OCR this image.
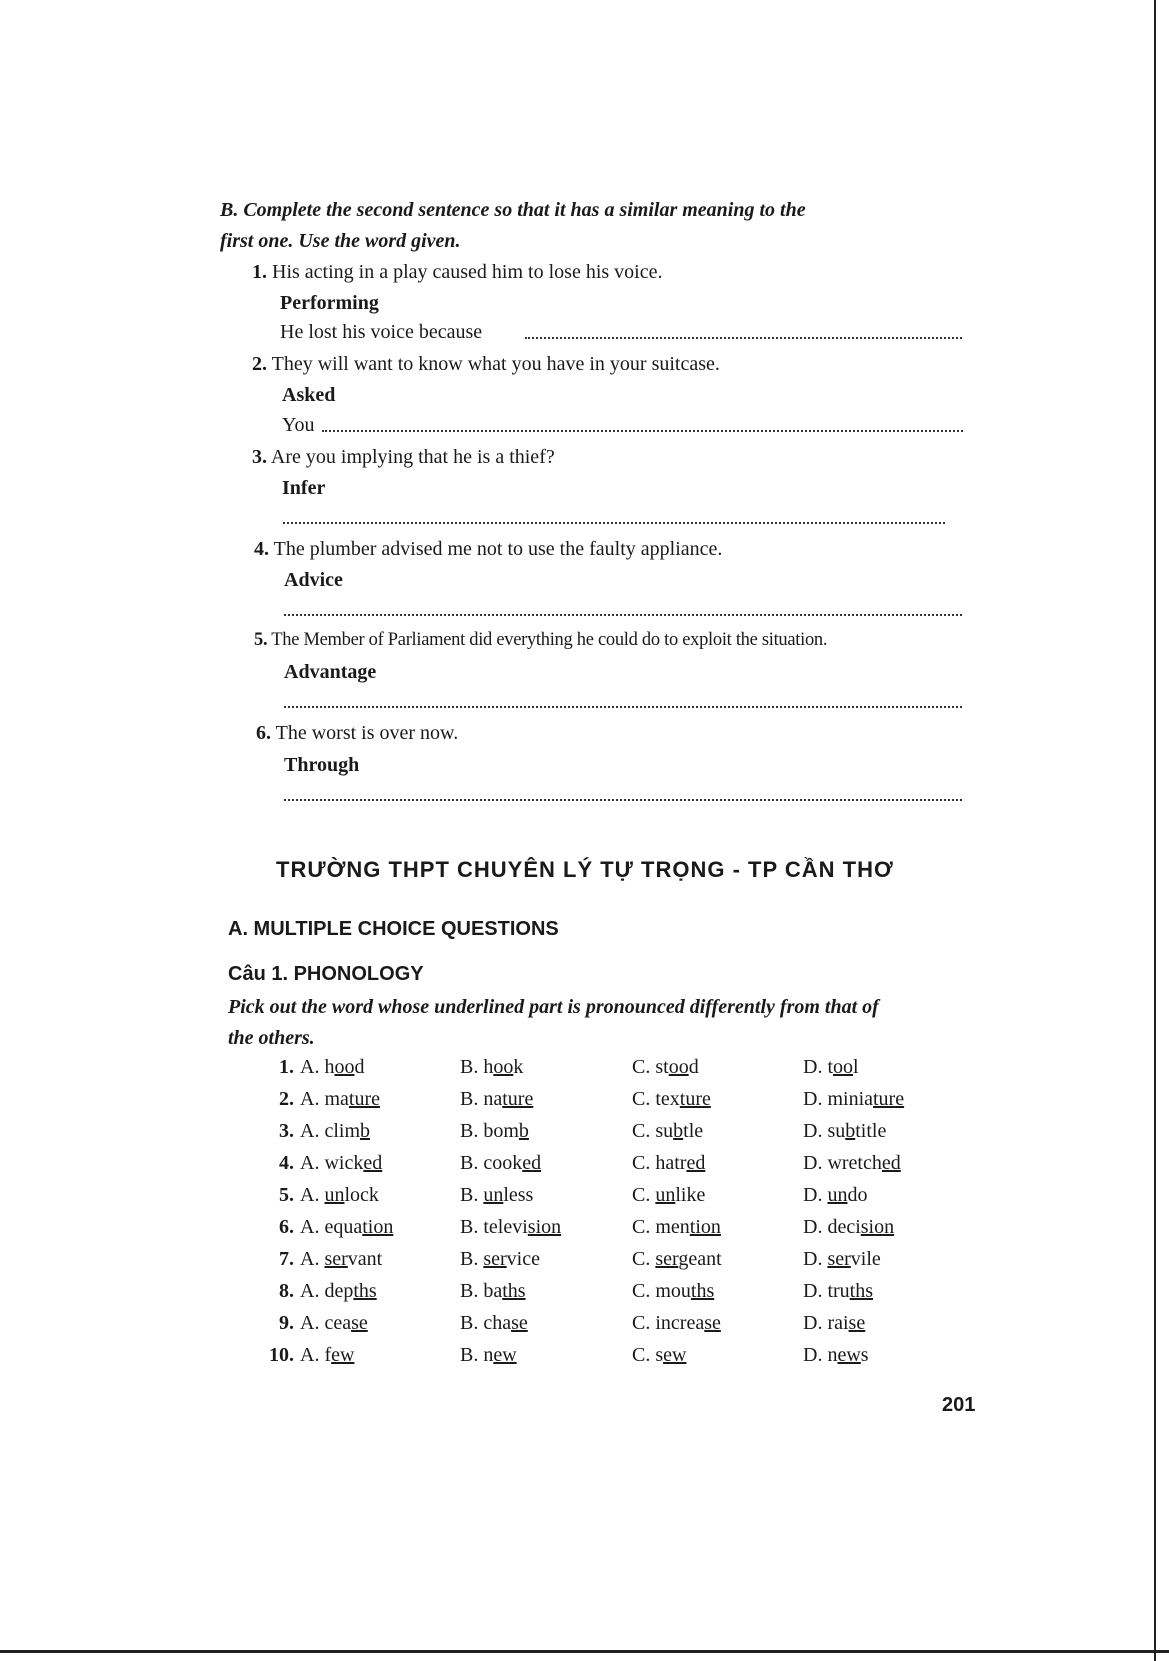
B. Complete the second sentence so that it has a similar meaning to the
first one. Use the word given.
1. His acting in a play caused him to lose his voice.
Performing
He lost his voice because
2. They will want to know what you have in your suitcase.
Asked
You
3. Are you implying that he is a thief?
Infer
4. The plumber advised me not to use the faulty appliance.
Advice
5. The Member of Parliament did everything he could do to exploit the situation.
Advantage
6. The worst is over now.
Through
TRƯỜNG THPT CHUYÊN LÝ TỰ TRỌNG - TP CẦN THƠ
A. MULTIPLE CHOICE QUESTIONS
Câu 1. PHONOLOGY
Pick out the word whose underlined part is pronounced differently from that of
the others.
1. A. hood	B. hook	C. stood	D. tool
2. A. mature	B. nature	C. texture	D. miniature
3. A. climb	B. bomb	C. subtle	D. subtitle
4. A. wicked	B. cooked	C. hatred	D. wretched
5. A. unlock	B. unless	C. unlike	D. undo
6. A. equation	B. television	C. mention	D. decision
7. A. servant	B. service	C. sergeant	D. servile
8. A. depths	B. baths	C. mouths	D. truths
9. A. cease	B. chase	C. increase	D. raise
10. A. few	B. new	C. sew	D. news
201
